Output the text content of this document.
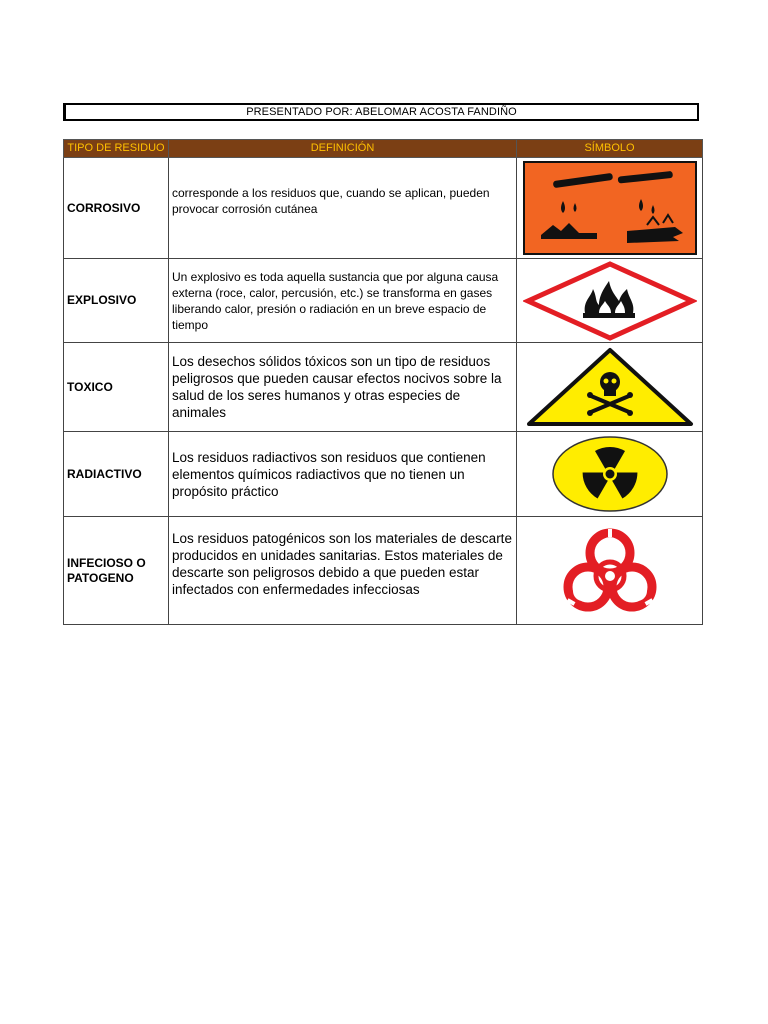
PRESENTADO POR: ABELOMAR ACOSTA FANDIÑO
TIPO DE RESIDUO	DEFINICIÓN	SÍMBOLO
CORROSIVO	corresponde a los residuos que, cuando se aplican, pueden provocar corrosión cutánea	

EXPLOSIVO	Un explosivo es toda aquella sustancia que por alguna causa externa (roce, calor, percusión, etc.) se transforma en gases liberando calor, presión o radiación en un breve espacio de tiempo	

TOXICO	Los desechos sólidos tóxicos son un tipo de residuos peligrosos que pueden causar efectos nocivos sobre la salud de los seres humanos y otras especies de animales	

RADIACTIVO	Los residuos radiactivos son residuos que contienen elementos químicos radiactivos que no tienen un propósito práctico	

INFECIOSO O PATOGENO	Los residuos patogénicos son los materiales de descarte producidos en unidades sanitarias. Estos materiales de descarte son peligrosos debido a que pueden estar infectados con enfermedades infecciosas	
